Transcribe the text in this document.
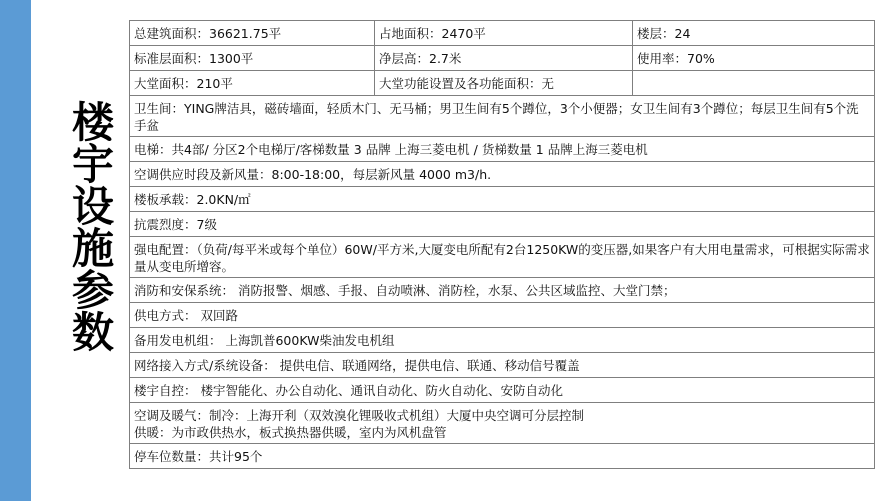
楼宇设施参数
总建筑面积：36621.75平	占地面积：2470平	楼层：24
标准层面积：1300平	净层高：2.7米	使用率：70%
大堂面积：210平	大堂功能设置及各功能面积：无	
卫生间：YING牌洁具，磁砖墙面，轻质木门、无马桶；男卫生间有5个蹲位，3个小便器；女卫生间有3个蹲位；每层卫生间有5个洗手盆		
电梯：共4部/ 分区2个电梯厅/客梯数量 3 品牌 上海三菱电机 / 货梯数量 1 品牌上海三菱电机		
空调供应时段及新风量：8:00-18:00，每层新风量 4000 m3/h.		
楼板承载：2.0KN/㎡		
抗震烈度：7级		
强电配置：（负荷/每平米或每个单位）60W/平方米,大厦变电所配有2台1250KW的变压器,如果客户有大用电量需求，可根据实际需求量从变电所增容。		
消防和安保系统： 消防报警、烟感、手报、自动喷淋、消防栓，水泵、公共区域监控、大堂门禁；		
供电方式： 双回路		
备用发电机组： 上海凯普600KW柴油发电机组		
网络接入方式/系统设备： 提供电信、联通网络，提供电信、联通、移动信号覆盖		
楼宇自控： 楼宇智能化、办公自动化、通讯自动化、防火自动化、安防自动化		

空调及暖气：制冷：上海开利（双效溴化锂吸收式机组）大厦中央空调可分层控制
供暖：为市政供热水，板式换热器供暖，室内为风机盘管		

停车位数量：共计95个		
